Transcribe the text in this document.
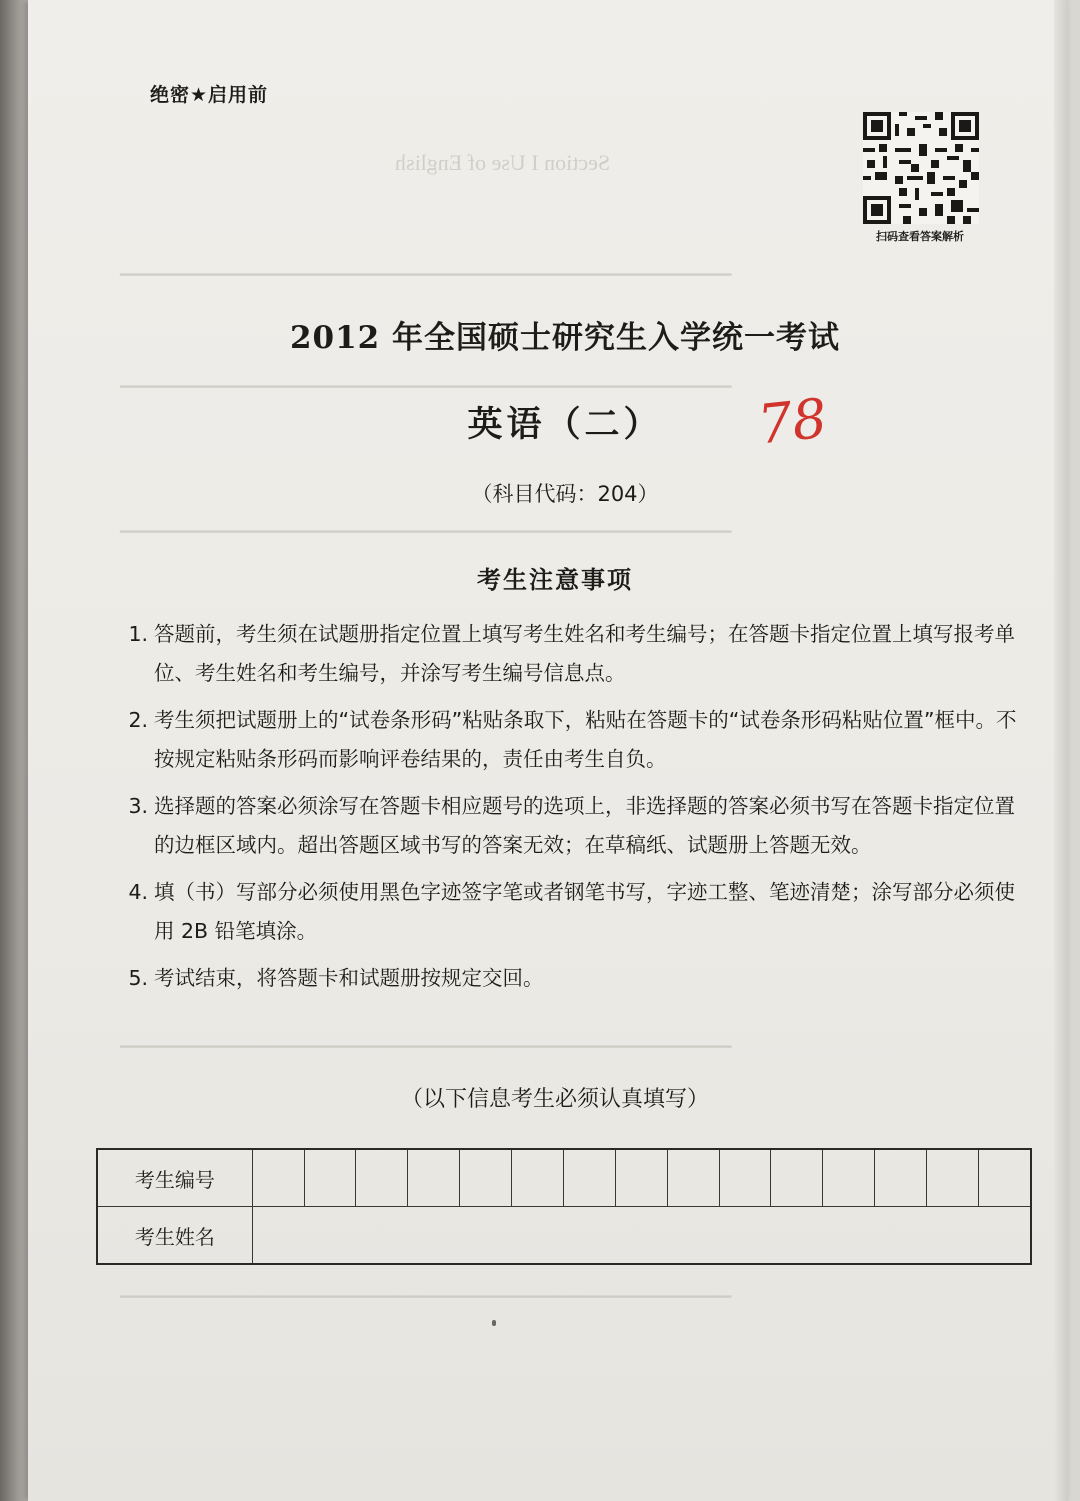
Section I Use of English
▁▁▁▁▁▁▁▁▁▁▁▁▁▁▁▁▁▁▁▁▁▁▁▁▁▁▁▁▁▁▁▁▁▁▁▁▁▁▁▁▁▁▁▁▁▁▁▁▁▁▁▁▁
▁▁▁▁▁▁▁▁▁▁▁▁▁▁▁▁▁▁▁▁▁▁▁▁▁▁▁▁▁▁▁▁▁▁▁▁▁▁▁▁▁▁▁▁▁▁▁▁▁▁▁▁▁
▁▁▁▁▁▁▁▁▁▁▁▁▁▁▁▁▁▁▁▁▁▁▁▁▁▁▁▁▁▁▁▁▁▁▁▁▁▁▁▁▁▁▁▁▁▁▁▁▁▁▁▁▁
▁▁▁▁▁▁▁▁▁▁▁▁▁▁▁▁▁▁▁▁▁▁▁▁▁▁▁▁▁▁▁▁▁▁▁▁▁▁▁▁▁▁▁▁▁▁▁▁▁▁▁▁▁
▁▁▁▁▁▁▁▁▁▁▁▁▁▁▁▁▁▁▁▁▁▁▁▁▁▁▁▁▁▁▁▁▁▁▁▁▁▁▁▁▁▁▁▁▁▁▁▁▁▁▁▁▁
绝密★启用前
扫码查看答案解析
2012 年全国硕士研究生入学统一考试
英语（二）	78
（科目代码：204）
考生注意事项
1. 答题前，考生须在试题册指定位置上填写考生姓名和考生编号；在答题卡指定位置上填写报考单位、考生姓名和考生编号，并涂写考生编号信息点。
2. 考生须把试题册上的“试卷条形码”粘贴条取下，粘贴在答题卡的“试卷条形码粘贴位置”框中。不按规定粘贴条形码而影响评卷结果的，责任由考生自负。
3. 选择题的答案必须涂写在答题卡相应题号的选项上，非选择题的答案必须书写在答题卡指定位置的边框区域内。超出答题区域书写的答案无效；在草稿纸、试题册上答题无效。
4. 填（书）写部分必须使用黑色字迹签字笔或者钢笔书写，字迹工整、笔迹清楚；涂写部分必须使用 2B 铅笔填涂。
5. 考试结束，将答题卡和试题册按规定交回。
（以下信息考生必须认真填写）
考生编号															
考生姓名															
